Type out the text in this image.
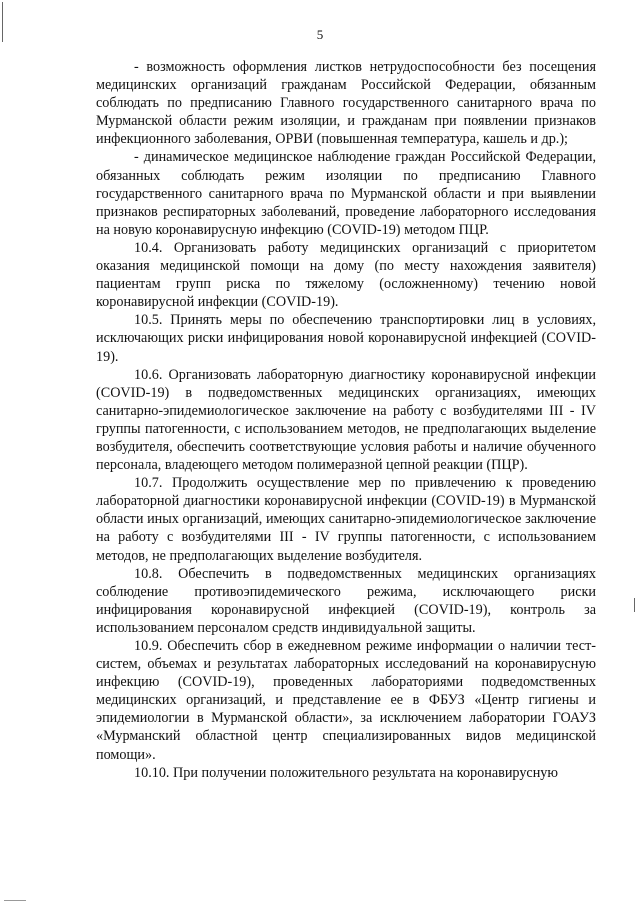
5

- возможность оформления листков нетрудоспособности без посещения медицинских организаций гражданам Российской Федерации, обязанным соблюдать по предписанию Главного государственного санитарного врача по Мурманской области режим изоляции, и гражданам при появлении признаков инфекционного заболевания, ОРВИ (повышенная температура, кашель и др.);

- динамическое медицинское наблюдение граждан Российской Федерации, обязанных соблюдать режим изоляции по предписанию Главного государственного санитарного врача по Мурманской области и при выявлении признаков респираторных заболеваний, проведение лабораторного исследования на новую коронавирусную инфекцию (COVID-19) методом ПЦР.

10.4. Организовать работу медицинских организаций с приоритетом оказания медицинской помощи на дому (по месту нахождения заявителя) пациентам групп риска по тяжелому (осложненному) течению новой коронавирусной инфекции (COVID-19).

10.5. Принять меры по обеспечению транспортировки лиц в условиях, исключающих риски инфицирования новой коронавирусной инфекцией (COVID-19).

10.6. Организовать лабораторную диагностику коронавирусной инфекции (COVID-19) в подведомственных медицинских организациях, имеющих санитарно-эпидемиологическое заключение на работу с возбудителями III - IV группы патогенности, с использованием методов, не предполагающих выделение возбудителя, обеспечить соответствующие условия работы и наличие обученного персонала, владеющего методом полимеразной цепной реакции (ПЦР).

10.7. Продолжить осуществление мер по привлечению к проведению лабораторной диагностики коронавирусной инфекции (COVID-19) в Мурманской области иных организаций, имеющих санитарно-эпидемиологическое заключение на работу с возбудителями III - IV группы патогенности, с использованием методов, не предполагающих выделение возбудителя.

10.8. Обеспечить в подведомственных медицинских организациях соблюдение противоэпидемического режима, исключающего риски инфицирования коронавирусной инфекцией (COVID-19), контроль за использованием персоналом средств индивидуальной защиты.

10.9. Обеспечить сбор в ежедневном режиме информации о наличии тест-систем, объемах и результатах лабораторных исследований на коронавирусную инфекцию (COVID-19), проведенных лабораториями подведомственных медицинских организаций, и представление ее в ФБУЗ «Центр гигиены и эпидемиологии в Мурманской области», за исключением лаборатории ГОАУЗ «Мурманский областной центр специализированных видов медицинской помощи».

10.10. При получении положительного результата на коронавирусную
